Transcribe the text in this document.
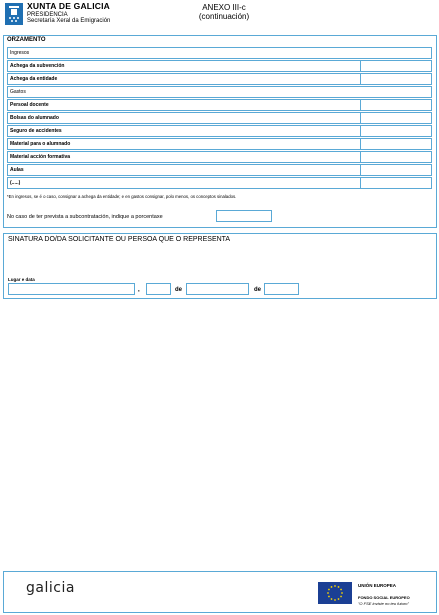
XUNTA DE GALICIA
PRESIDENCIA
Secretaría Xeral da Emigración
ANEXO III-c
(continuación)
ORZAMENTO
Ingresos
Achega da subvención
Achega da entidade
Gastos
Persoal docente
Bolsas do alumnado
Seguro de accidentes
Material para o alumnado
Material acción formativa
Aulas
(.....)
*En ingresos, se é o caso, consignar a achega da entidade; e en gastos consignar, polo menos, os conceptos sinalados.
No caso de ter prevista a subcontratación, indique a porcentaxe
SINATURA DO/DA SOLICITANTE OU PERSOA QUE O REPRESENTA
Lugar e data
,	de	de
galicia	UNIÓN EUROPEA
FONDO SOCIAL EUROPEO
"O FSE inviste no teu futuro"
